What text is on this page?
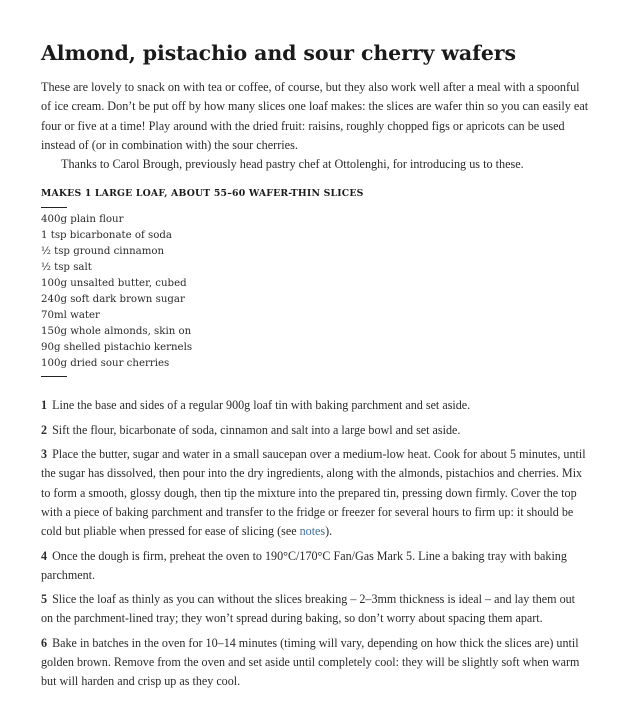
Almond, pistachio and sour cherry wafers

These are lovely to snack on with tea or coffee, of course, but they also work well after a meal with a spoonful of ice cream. Don’t be put off by how many slices one loaf makes: the slices are wafer thin so you can easily eat four or five at a time! Play around with the dried fruit: raisins, roughly chopped figs or apricots can be used instead of (or in combination with) the sour cherries.

Thanks to Carol Brough, previously head pastry chef at Ottolenghi, for introducing us to these.

MAKES 1 LARGE LOAF, ABOUT 55–60 WAFER-THIN SLICES
400g plain flour
1 tsp bicarbonate of soda
½ tsp ground cinnamon
½ tsp salt
100g unsalted butter, cubed
240g soft dark brown sugar
70ml water
150g whole almonds, skin on
90g shelled pistachio kernels
100g dried sour cherries

1 Line the base and sides of a regular 900g loaf tin with baking parchment and set aside.

2 Sift the flour, bicarbonate of soda, cinnamon and salt into a large bowl and set aside.

3 Place the butter, sugar and water in a small saucepan over a medium-low heat. Cook for about 5 minutes, until the sugar has dissolved, then pour into the dry ingredients, along with the almonds, pistachios and cherries. Mix to form a smooth, glossy dough, then tip the mixture into the prepared tin, pressing down firmly. Cover the top with a piece of baking parchment and transfer to the fridge or freezer for several hours to firm up: it should be cold but pliable when pressed for ease of slicing (see notes).

4 Once the dough is firm, preheat the oven to 190°C/170°C Fan/Gas Mark 5. Line a baking tray with baking parchment.

5 Slice the loaf as thinly as you can without the slices breaking – 2–3mm thickness is ideal – and lay them out on the parchment-lined tray; they won’t spread during baking, so don’t worry about spacing them apart.

6 Bake in batches in the oven for 10–14 minutes (timing will vary, depending on how thick the slices are) until golden brown. Remove from the oven and set aside until completely cool: they will be slightly soft when warm but will harden and crisp up as they cool.
